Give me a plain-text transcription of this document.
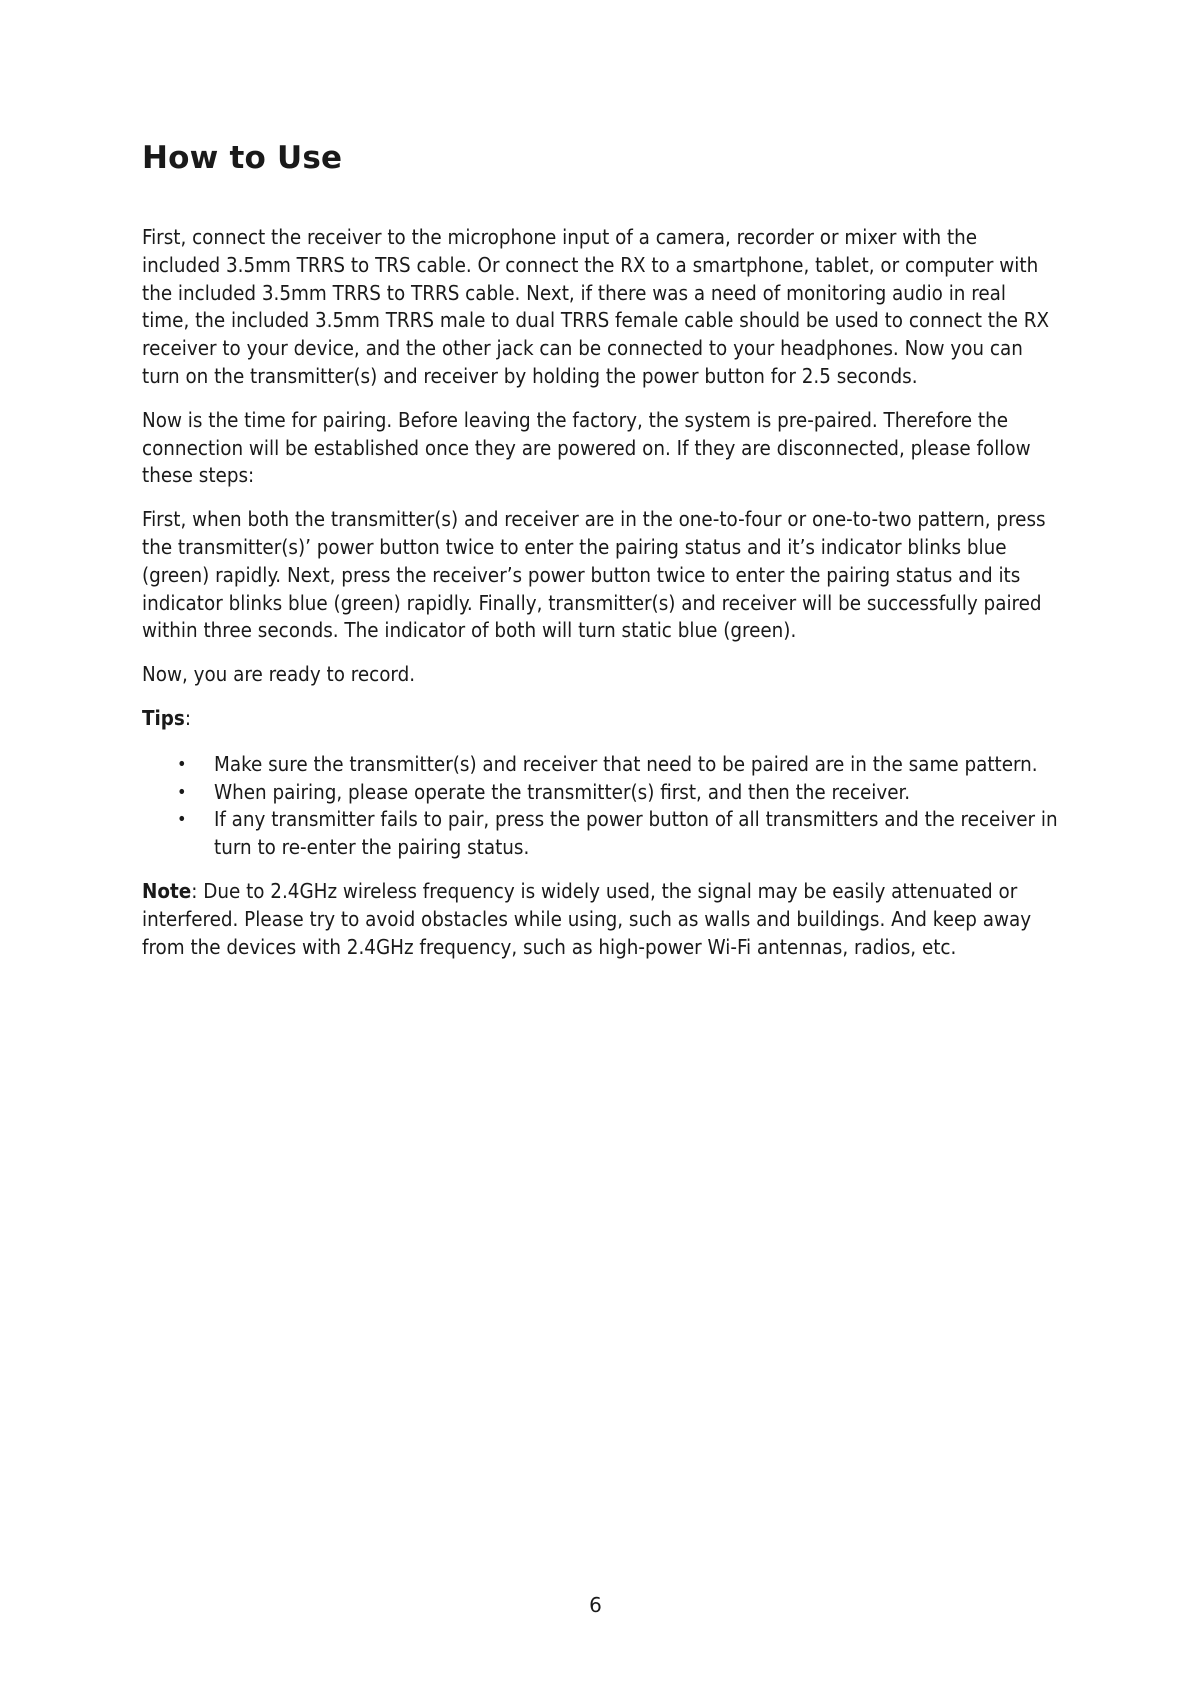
How to Use

First, connect the receiver to the microphone input of a camera, recorder or mixer with the included 3.5mm TRRS to TRS cable. Or connect the RX to a smartphone, tablet, or computer with the included 3.5mm TRRS to TRRS cable. Next, if there was a need of monitoring audio in real time, the included 3.5mm TRRS male to dual TRRS female cable should be used to connect the RX receiver to your device, and the other jack can be connected to your headphones. Now you can turn on the transmitter(s) and receiver by holding the power button for 2.5 seconds.

Now is the time for pairing. Before leaving the factory, the system is pre-paired. Therefore the connection will be established once they are powered on. If they are disconnected, please follow these steps:

First, when both the transmitter(s) and receiver are in the one-to-four or one-to-two pattern, press the transmitter(s)’ power button twice to enter the pairing status and it’s indicator blinks blue (green) rapidly. Next, press the receiver’s power button twice to enter the pairing status and its indicator blinks blue (green) rapidly. Finally, transmitter(s) and receiver will be successfully paired within three seconds. The indicator of both will turn static blue (green).

Now, you are ready to record.

Tips:

• Make sure the transmitter(s) and receiver that need to be paired are in the same pattern.
• When pairing, please operate the transmitter(s) first, and then the receiver.
• If any transmitter fails to pair, press the power button of all transmitters and the receiver in turn to re-enter the pairing status.

Note: Due to 2.4GHz wireless frequency is widely used, the signal may be easily attenuated or interfered. Please try to avoid obstacles while using, such as walls and buildings. And keep away from the devices with 2.4GHz frequency, such as high-power Wi-Fi antennas, radios, etc.

6
